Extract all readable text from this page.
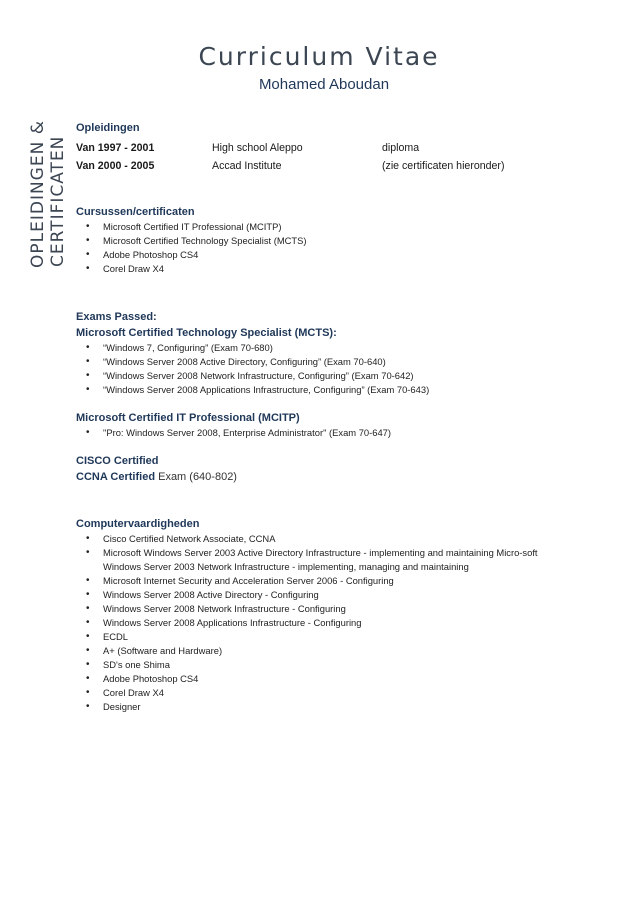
Curriculum Vitae
Mohamed Aboudan
OPLEIDINGEN & CERTIFICATEN
Opleidingen
Van 1997 - 2001	High school Aleppo	diploma
Van 2000 - 2005	Accad Institute	(zie certificaten hieronder)
Cursussen/certificaten
• Microsoft Certified IT Professional (MCITP)
• Microsoft Certified Technology Specialist (MCTS)
• Adobe Photoshop CS4
• Corel Draw X4
Exams Passed:
Microsoft Certified Technology Specialist (MCTS):
• “Windows 7, Configuring” (Exam 70-680)
• “Windows Server 2008 Active Directory, Configuring” (Exam 70-640)
• “Windows Server 2008 Network Infrastructure, Configuring” (Exam 70-642)
• “Windows Server 2008 Applications Infrastructure, Configuring” (Exam 70-643)
Microsoft Certified IT Professional (MCITP)
• "Pro: Windows Server 2008, Enterprise Administrator" (Exam 70-647)
CISCO Certified
CCNA Certified Exam (640-802)
Computervaardigheden
• Cisco Certified Network Associate, CCNA
• Microsoft Windows Server 2003 Active Directory Infrastructure - implementing and maintaining Micro-soft Windows Server 2003 Network Infrastructure - implementing, managing and maintaining
• Microsoft Internet Security and Acceleration Server 2006 - Configuring
• Windows Server 2008 Active Directory - Configuring
• Windows Server 2008 Network Infrastructure - Configuring
• Windows Server 2008 Applications Infrastructure - Configuring
• ECDL
• A+ (Software and Hardware)
• SD's one Shima
• Adobe Photoshop CS4
• Corel Draw X4
• Designer
